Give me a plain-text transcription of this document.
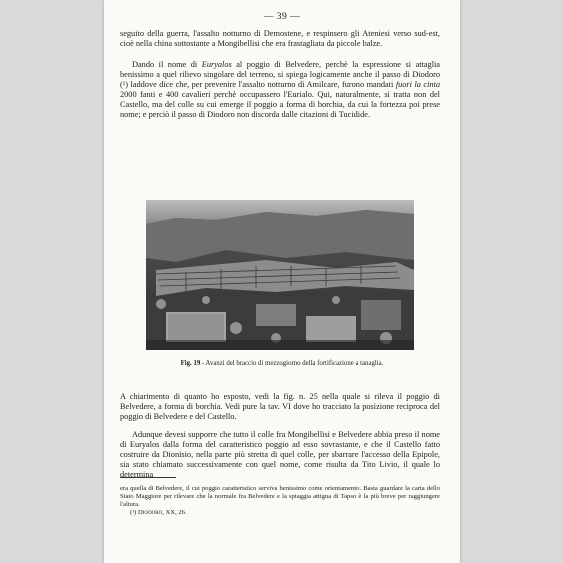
— 39 —

seguito della guerra, l'assalto notturno di Demostene, e respinsero gli Ateniesi verso sud-est, cioè nella china sottostante a Mongibellisi che era frastagliata da piccole balze.

Dando il nome di Euryalos al poggio di Belvedere, perchè la espressione si attaglia benissimo a quel rilievo singolare del terreno, si spiega logicamente anche il passo di Diodoro (¹) laddove dice che, per prevenire l'assalto notturno di Amilcare, furono mandati fuori la cinta 2000 fanti e 400 cavalieri perchè occupassero l'Eurialo. Qui, naturalmente, si tratta non del Castello, ma del colle su cui emerge il poggio a forma di borchia, da cui la fortezza poi prese nome; e perciò il passo di Diodoro non discorda dalle citazioni di Tucidide.

Fig. 19 - Avanzi del braccio di mezzogiorno della fortificazione a tanaglia.

A chiarimento di quanto ho esposto, vedi la fig. n. 25 nella quale si rileva il poggio di Belvedere, a forma di borchia. Vedi pure la tav. VI dove ho tracciato la posizione reciproca del poggio di Belvedere e del Castello.

Adunque devesi supporre che tutto il colle fra Mongibellisi e Belvedere abbia preso il nome di Euryalos dalla forma del caratteristico poggio ad esso sovrastante, e che il Castello fatto costruire da Dionisio, nella parte più stretta di quel colle, per sbarrare l'accesso della Epipole, sia stato chiamato successivamente con quel nome, come risulta da Tito Livio, il quale lo determina

era quella di Belvedere, il cui poggio caratteristico serviva benissimo come orientamento. Basta guardare la carta dello Stato Maggiore per rilevare che la normale fra Belvedere e la spiaggia attigua di Tapso è la più breve per raggiungere l'altura.

(¹) Diodoro, XX, 26.
